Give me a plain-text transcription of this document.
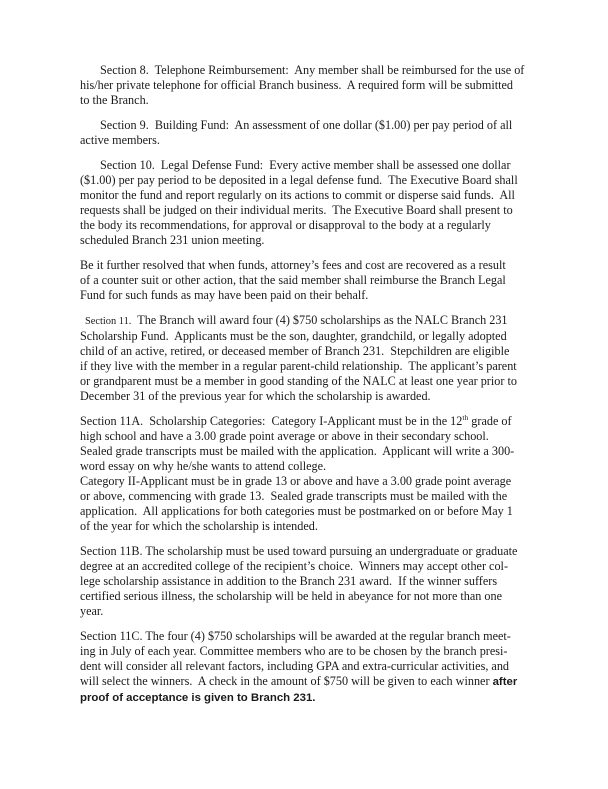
Section 8.  Telephone Reimbursement:  Any member shall be reimbursed for the use of
his/her private telephone for official Branch business.  A required form will be submitted
to the Branch.
Section 9.  Building Fund:  An assessment of one dollar ($1.00) per pay period of all
active members.
Section 10.  Legal Defense Fund:  Every active member shall be assessed one dollar
($1.00) per pay period to be deposited in a legal defense fund.  The Executive Board shall
monitor the fund and report regularly on its actions to commit or disperse said funds.  All
requests shall be judged on their individual merits.  The Executive Board shall present to
the body its recommendations, for approval or disapproval to the body at a regularly
scheduled Branch 231 union meeting.
Be it further resolved that when funds, attorney’s fees and cost are recovered as a result
of a counter suit or other action, that the said member shall reimburse the Branch Legal
Fund for such funds as may have been paid on their behalf.
Section 11.  The Branch will award four (4) $750 scholarships as the NALC Branch 231
Scholarship Fund.  Applicants must be the son, daughter, grandchild, or legally adopted
child of an active, retired, or deceased member of Branch 231.  Stepchildren are eligible
if they live with the member in a regular parent-child relationship.  The applicant’s parent
or grandparent must be a member in good standing of the NALC at least one year prior to
December 31 of the previous year for which the scholarship is awarded.
Section 11A.  Scholarship Categories:  Category I-Applicant must be in the 12th grade of
high school and have a 3.00 grade point average or above in their secondary school.
Sealed grade transcripts must be mailed with the application.  Applicant will write a 300-
word essay on why he/she wants to attend college.
Category II-Applicant must be in grade 13 or above and have a 3.00 grade point average
or above, commencing with grade 13.  Sealed grade transcripts must be mailed with the
application.  All applications for both categories must be postmarked on or before May 1
of the year for which the scholarship is intended.
Section 11B. The scholarship must be used toward pursuing an undergraduate or graduate
degree at an accredited college of the recipient’s choice.  Winners may accept other col-
lege scholarship assistance in addition to the Branch 231 award.  If the winner suffers
certified serious illness, the scholarship will be held in abeyance for not more than one
year.
Section 11C. The four (4) $750 scholarships will be awarded at the regular branch meet-
ing in July of each year. Committee members who are to be chosen by the branch presi-
dent will consider all relevant factors, including GPA and extra-curricular activities, and
will select the winners.  A check in the amount of $750 will be given to each winner after
proof of acceptance is given to Branch 231.
